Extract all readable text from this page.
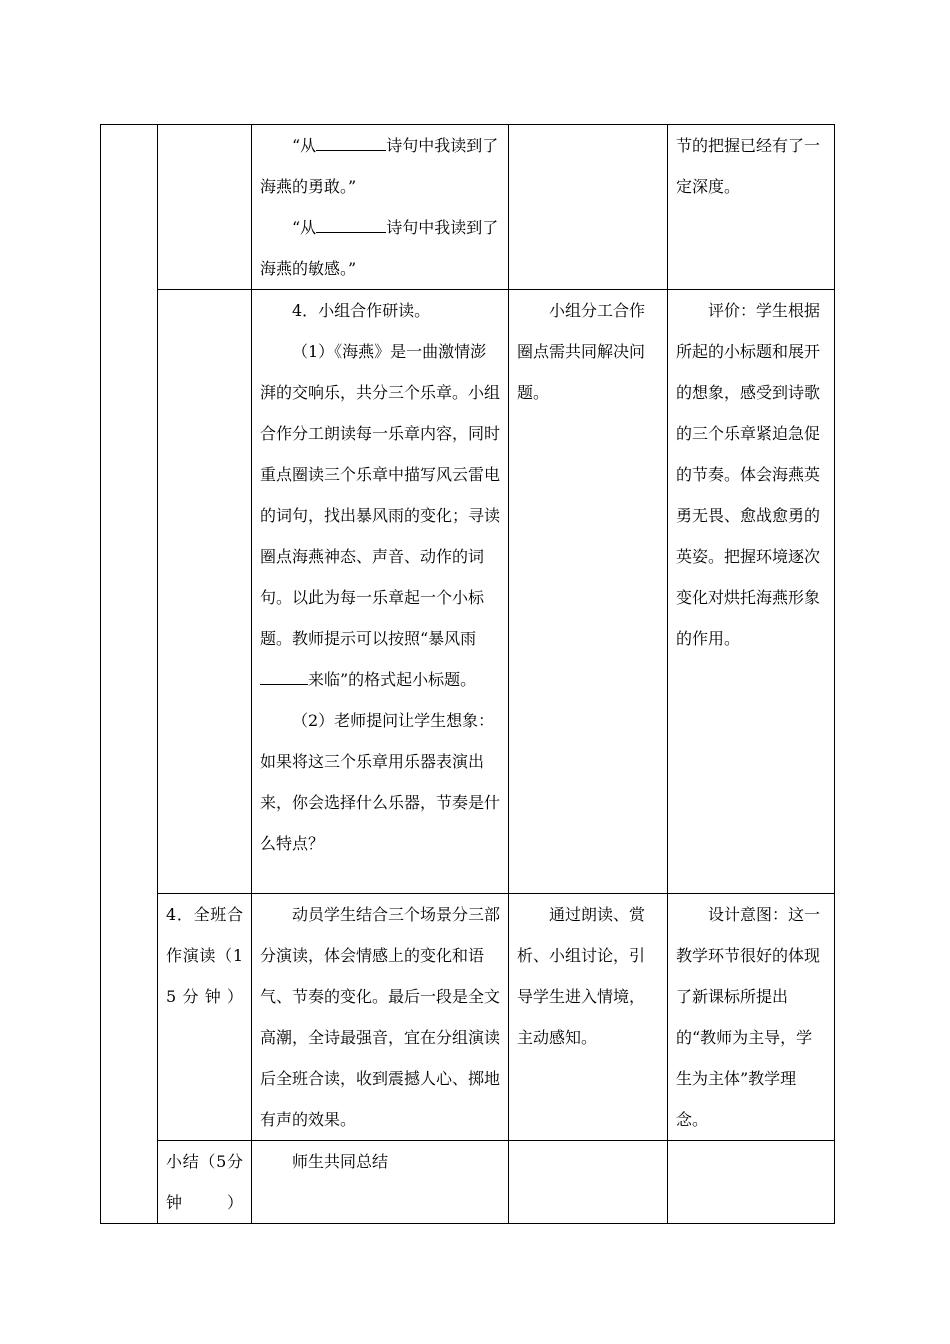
		“从 诗句中我读到了海燕的勇敢。”

“从 诗句中我读到了海燕的敏感。”		节的把握已经有了一定深度。

		4．小组合作研读。

（1）《海燕》是一曲激情澎湃的交响乐，共分三个乐章。小组合作分工朗读每一乐章内容，同时重点圈读三个乐章中描写风云雷电的词句，找出暴风雨的变化；寻读圈点海燕神态、声音、动作的词句。以此为每一乐章起一个小标题。教师提示可以按照“暴风雨来临”的格式起小标题。

（2）老师提问让学生想象：如果将这三个乐章用乐器表演出来，你会选择什么乐器，节奏是什么特点？	小组分工合作圈点需共同解决问题。	评价：学生根据所起的小标题和展开的想象，感受到诗歌的三个乐章紧迫急促的节奏。体会海燕英勇无畏、愈战愈勇的英姿。把握环境逐次变化对烘托海燕形象的作用。

	4．全班合作演读（15分钟）	动员学生结合三个场景分三部分演读，体会情感上的变化和语气、节奏的变化。最后一段是全文高潮，全诗最强音，宜在分组演读后全班合读，收到震撼人心、掷地有声的效果。	通过朗读、赏析、小组讨论，引导学生进入情境，主动感知。	设计意图：这一教学环节很好的体现了新课标所提出的“教师为主导，学生为主体”教学理念。

	小结（5分钟）	师生共同总结		
